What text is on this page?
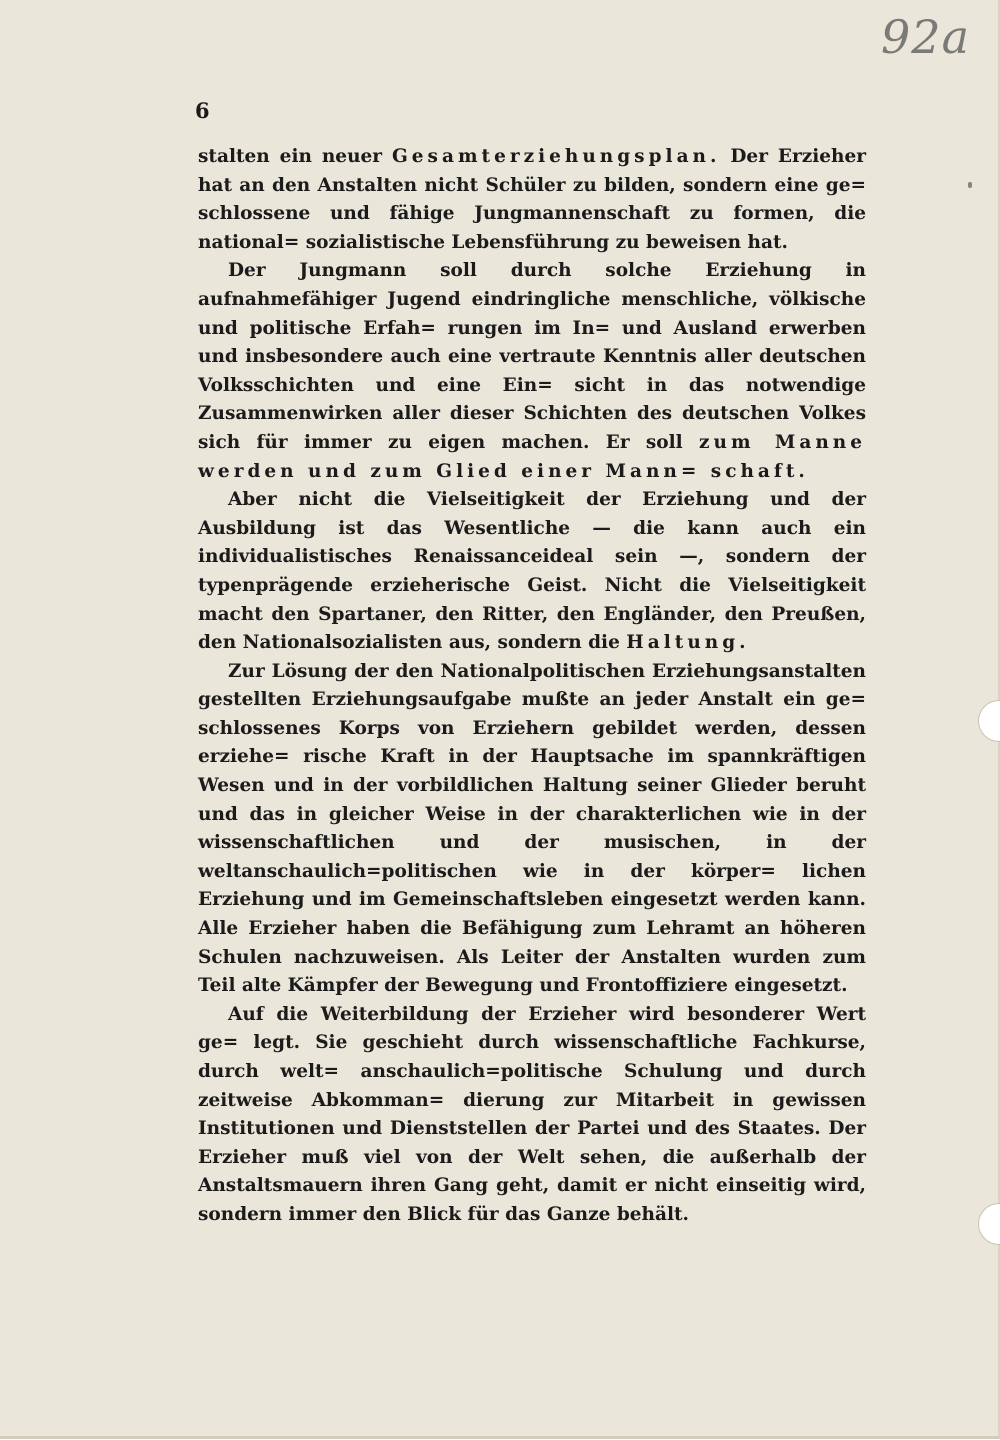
92a
6

stalten ein neuer Gesamterziehungsplan. Der Erzieher hat an den Anstalten nicht Schüler zu bilden, sondern eine ge= schlossene und fähige Jungmannenschaft zu formen, die national= sozialistische Lebensführung zu beweisen hat.

Der Jungmann soll durch solche Erziehung in aufnahmefähiger Jugend eindringliche menschliche, völkische und politische Erfah= rungen im In= und Ausland erwerben und insbesondere auch eine vertraute Kenntnis aller deutschen Volksschichten und eine Ein= sicht in das notwendige Zusammenwirken aller dieser Schichten des deutschen Volkes sich für immer zu eigen machen. Er soll zum Manne werden und zum Glied einer Mann= schaft.

Aber nicht die Vielseitigkeit der Erziehung und der Ausbildung ist das Wesentliche — die kann auch ein individualistisches Renaissanceideal sein —, sondern der typenprägende erzieherische Geist. Nicht die Vielseitigkeit macht den Spartaner, den Ritter, den Engländer, den Preußen, den Nationalsozialisten aus, sondern die Haltung.

Zur Lösung der den Nationalpolitischen Erziehungsanstalten gestellten Erziehungsaufgabe mußte an jeder Anstalt ein ge= schlossenes Korps von Erziehern gebildet werden, dessen erziehe= rische Kraft in der Hauptsache im spannkräftigen Wesen und in der vorbildlichen Haltung seiner Glieder beruht und das in gleicher Weise in der charakterlichen wie in der wissenschaftlichen und der musischen, in der weltanschaulich=politischen wie in der körper= lichen Erziehung und im Gemeinschaftsleben eingesetzt werden kann. Alle Erzieher haben die Befähigung zum Lehramt an höheren Schulen nachzuweisen. Als Leiter der Anstalten wurden zum Teil alte Kämpfer der Bewegung und Frontoffiziere eingesetzt.

Auf die Weiterbildung der Erzieher wird besonderer Wert ge= legt. Sie geschieht durch wissenschaftliche Fachkurse, durch welt= anschaulich=politische Schulung und durch zeitweise Abkomman= dierung zur Mitarbeit in gewissen Institutionen und Dienststellen der Partei und des Staates. Der Erzieher muß viel von der Welt sehen, die außerhalb der Anstaltsmauern ihren Gang geht, damit er nicht einseitig wird, sondern immer den Blick für das Ganze behält.
